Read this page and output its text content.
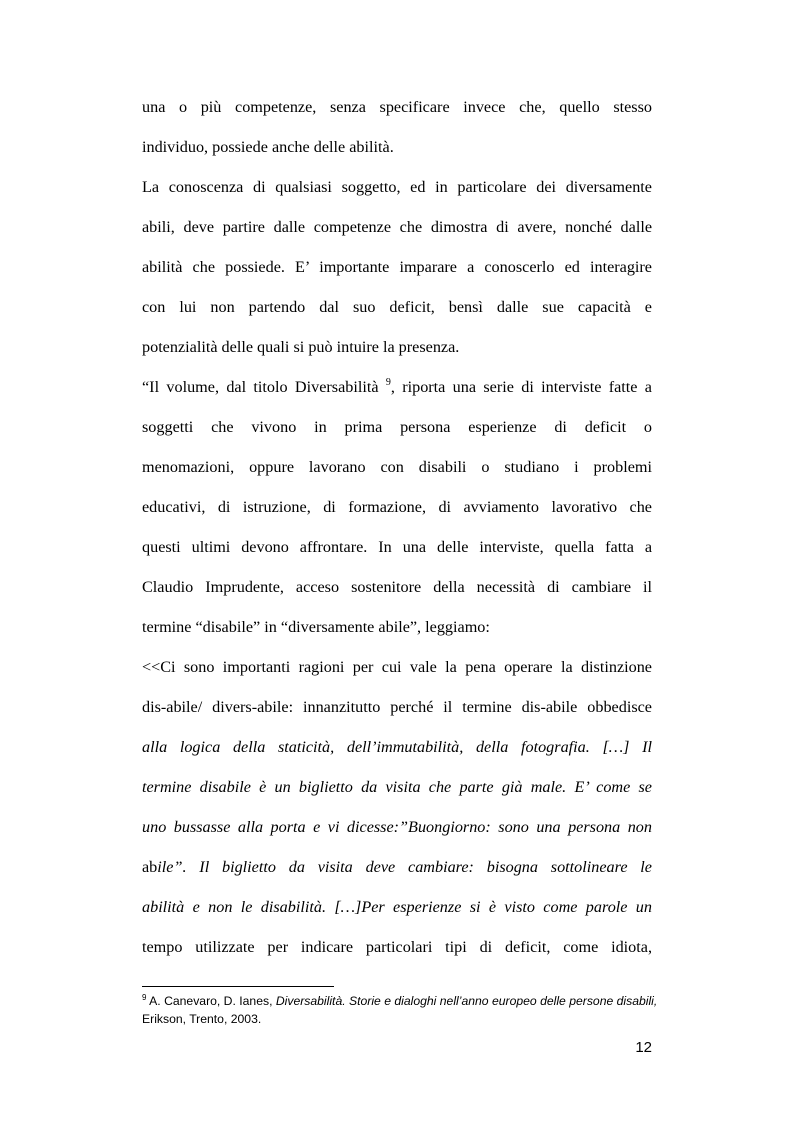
una o più competenze, senza specificare invece che, quello stesso
individuo, possiede anche delle abilità.
La conoscenza di qualsiasi soggetto, ed in particolare dei diversamente
abili, deve partire dalle competenze che dimostra di avere, nonché dalle
abilità che possiede. E’ importante imparare a conoscerlo ed interagire
con lui non partendo dal suo deficit, bensì dalle sue capacità e
potenzialità delle quali si può intuire la presenza.
“Il volume, dal titolo Diversabilità $^9$, riporta una serie di interviste fatte a
soggetti che vivono in prima persona esperienze di deficit o
menomazioni, oppure lavorano con disabili o studiano i problemi
educativi, di istruzione, di formazione, di avviamento lavorativo che
questi ultimi devono affrontare. In una delle interviste, quella fatta a
Claudio Imprudente, acceso sostenitore della necessità di cambiare il
termine “disabile” in “diversamente abile”, leggiamo:
<<Ci sono importanti ragioni per cui vale la pena operare la distinzione
dis-abile/ divers-abile: innanzitutto perché il termine dis-abile obbedisce
alla logica della staticità, dell’immutabilità, della fotografia. […] Il
termine disabile è un biglietto da visita che parte già male. E’ come se
uno bussasse alla porta e vi dicesse:”Buongiorno: sono una persona non
abile”. Il biglietto da visita deve cambiare: bisogna sottolineare le
abilità e non le disabilità. […]Per esperienze si è visto come parole un
tempo utilizzate per indicare particolari tipi di deficit, come idiota,
$^9$ A. Canevaro, D. Ianes, Diversabilità. Storie e dialoghi nell’anno europeo delle persone disabili,
Erikson, Trento, 2003.
12
